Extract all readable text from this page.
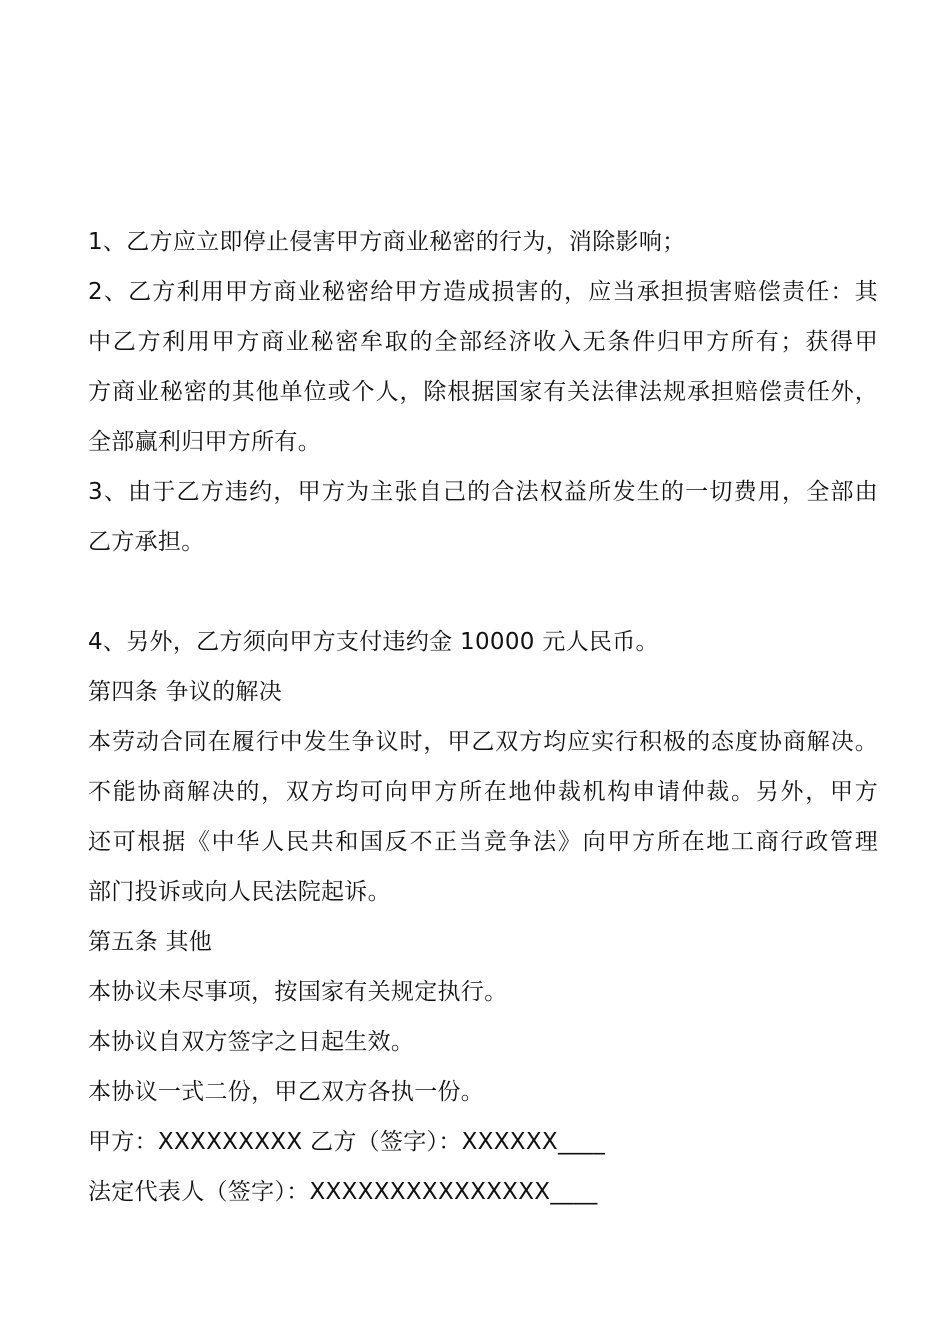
1、乙方应立即停止侵害甲方商业秘密的行为，消除影响；
2、乙方利用甲方商业秘密给甲方造成损害的，应当承担损害赔偿责任：其
中乙方利用甲方商业秘密牟取的全部经济收入无条件归甲方所有；获得甲
方商业秘密的其他单位或个人，除根据国家有关法律法规承担赔偿责任外，
全部赢利归甲方所有。
3、由于乙方违约，甲方为主张自己的合法权益所发生的一切费用，全部由
乙方承担。
4、另外，乙方须向甲方支付违约金 10000 元人民币。
第四条 争议的解决
本劳动合同在履行中发生争议时，甲乙双方均应实行积极的态度协商解决。
不能协商解决的，双方均可向甲方所在地仲裁机构申请仲裁。另外，甲方
还可根据《中华人民共和国反不正当竞争法》向甲方所在地工商行政管理
部门投诉或向人民法院起诉。
第五条 其他
本协议未尽事项，按国家有关规定执行。
本协议自双方签字之日起生效。
本协议一式二份，甲乙双方各执一份。
甲方：XXXXXXXXX 乙方（签字）：XXXXXX____
法定代表人（签字）：XXXXXXXXXXXXXXX____
